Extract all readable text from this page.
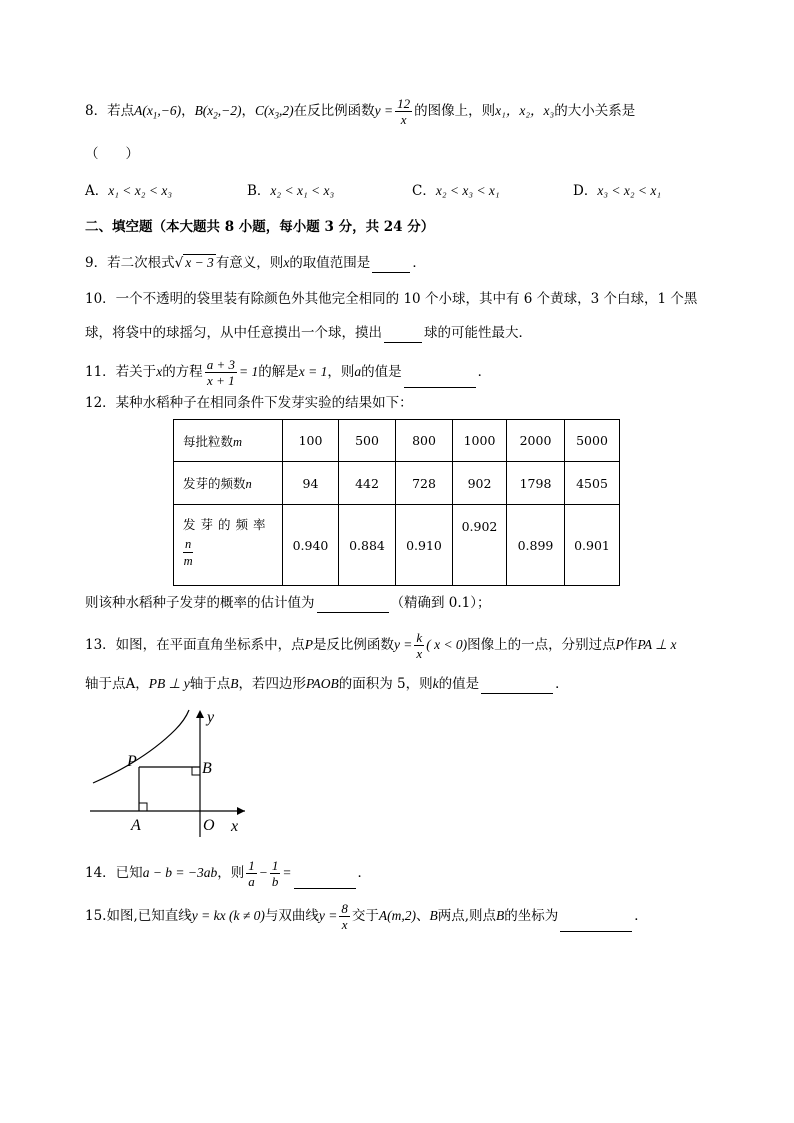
8．若点$A(x_1,-6)$，$B(x_2,-2)$，$C(x_3,2)$在反比例函数$y = \frac{12}{x}$ 的图像上，则x₁，x₂，x₃的大小关系是
（　　）
A．x₁ < x₂ < x₃	B．x₂ < x₁ < x₃	C．x₂ < x₃ < x₁	D．x₃ < x₂ < x₁
二、填空题（本大题共 8 小题，每小题 3 分，共 24 分）
9．若二次根式√ x − 3 有意义，则x的取值范围是	．
10．一个不透明的袋里装有除颜色外其他完全相同的 10 个小球，其中有 6 个黄球，3 个白球，1 个黑
球，将袋中的球摇匀，从中任意摸出一个球，摸出	球的可能性最大．
11．若关于x的方程 $\frac{a + 3}{x + 1} = 1$的解是x = 1，则a的值是	．
12．某种水稻种子在相同条件下发芽实验的结果如下：
每批粒数m	100	500	800	1000	2000	5000
发芽的频数n	94	442	728	902	1798	4505

发芽的频率
$\frac{n}{m}$	0.940	0.884	0.910	0.902	0.899	0.901
则该种水稻种子发芽的概率的估计值为	（精确到 0.1）；
13．如图，在平面直角坐标系中，点P是反比例函数$y = \frac{k}{x}$ ( x < 0)图像上的一点，分别过点P作PA ⊥ x
轴于点A，PB ⊥ y轴于点B，若四边形PAOB的面积为 5，则k的值是	．
y
x
P	B
A	O
14．已知a − b = −3ab，则 $\frac{1}{a} - \frac{1}{b}$ =	．
15.如图,已知直线y = kx (k ≠ 0)与双曲线$y = \frac{8}{x}$ 交于A(m,2)、B两点,则点B的坐标为	．
